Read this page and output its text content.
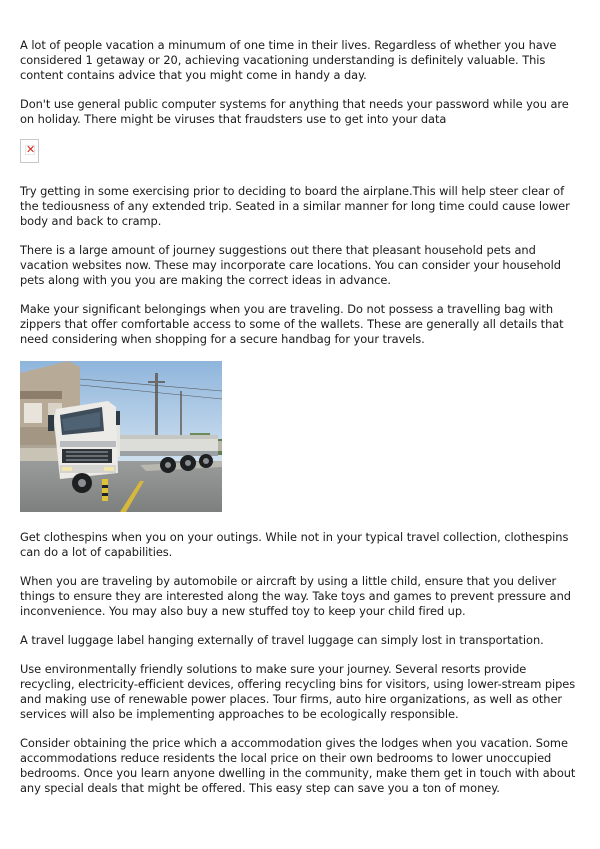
A lot of people vacation a minumum of one time in their lives. Regardless of whether you have considered 1 getaway or 20, achieving vacationing understanding is definitely valuable. This content contains advice that you might come in handy a day.

Don't use general public computer systems for anything that needs your password while you are on holiday. There might be viruses that fraudsters use to get into your data

✕

Try getting in some exercising prior to deciding to board the airplane.This will help steer clear of the tediousness of any extended trip. Seated in a similar manner for long time could cause lower body and back to cramp.

There is a large amount of journey suggestions out there that pleasant household pets and vacation websites now. These may incorporate care locations. You can consider your household pets along with you you are making the correct ideas in advance.

Make your significant belongings when you are traveling. Do not possess a travelling bag with zippers that offer comfortable access to some of the wallets. These are generally all details that need considering when shopping for a secure handbag for your travels.

Get clothespins when you on your outings. While not in your typical travel collection, clothespins can do a lot of capabilities.

When you are traveling by automobile or aircraft by using a little child, ensure that you deliver things to ensure they are interested along the way. Take toys and games to prevent pressure and inconvenience. You may also buy a new stuffed toy to keep your child fired up.

A travel luggage label hanging externally of travel luggage can simply lost in transportation.

Use environmentally friendly solutions to make sure your journey. Several resorts provide recycling, electricity-efficient devices, offering recycling bins for visitors, using lower-stream pipes and making use of renewable power places. Tour firms, auto hire organizations, as well as other services will also be implementing approaches to be ecologically responsible.

Consider obtaining the price which a accommodation gives the lodges when you vacation. Some accommodations reduce residents the local price on their own bedrooms to lower unoccupied bedrooms. Once you learn anyone dwelling in the community, make them get in touch with about any special deals that might be offered. This easy step can save you a ton of money.
